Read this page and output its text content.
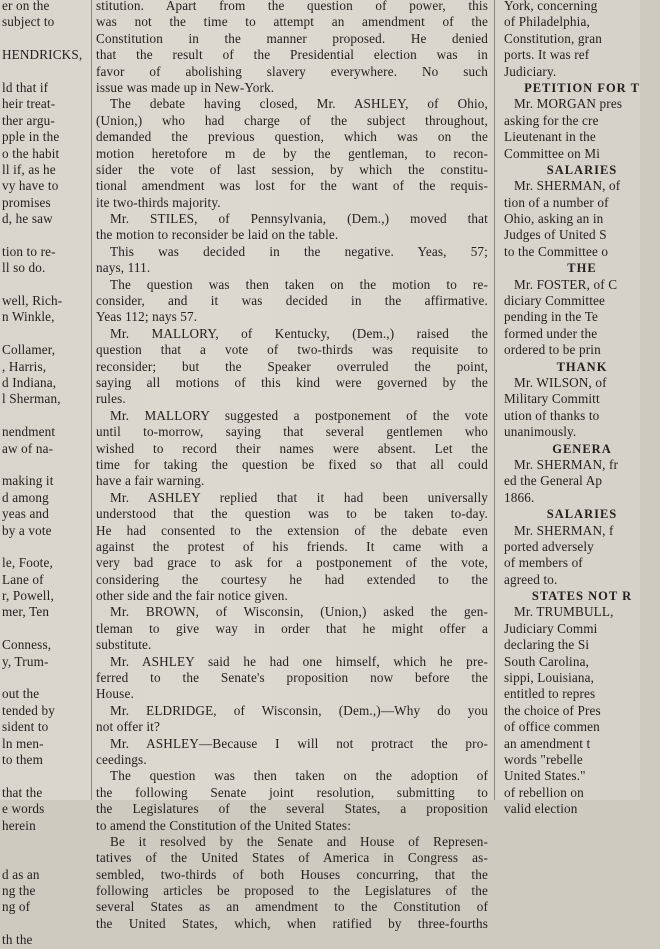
er on the
subject to
HENDRICKS,
ld that if
heir treat-
ther argu-
pple in the
o the habit
ll if, as he
vy have to
promises
d, he saw
tion to re-
ll so do.
well, Rich-
n Winkle,
Collamer,
, Harris,
d Indiana,
l Sherman,
nendment
aw of na-
making it
d among
yeas and
by a vote
le, Foote,
Lane of
r, Powell,
mer, Ten
Conness,
y, Trum-
out the
tended by
sident to
ln men-
to them
that the
e words
herein
d as an
ng the
ng of
th the
stitution. Apart from the question of power, this
was not the time to attempt an amendment of the
Constitution in the manner proposed. He denied
that the result of the Presidential election was in
favor of abolishing slavery everywhere. No such
issue was made up in New-York.
The debate having closed, Mr. ASHLEY, of Ohio,
(Union,) who had charge of the subject throughout,
demanded the previous question, which was on the
motion heretofore m de by the gentleman, to recon-
sider the vote of last session, by which the constitu-
tional amendment was lost for the want of the requis-
ite two-thirds majority.
Mr. STILES, of Pennsylvania, (Dem.,) moved that
the motion to reconsider be laid on the table.
This was decided in the negative. Yeas, 57;
nays, 111.
The question was then taken on the motion to re-
consider, and it was decided in the affirmative.
Yeas 112; nays 57.
Mr. MALLORY, of Kentucky, (Dem.,) raised the
question that a vote of two-thirds was requisite to
reconsider; but the Speaker overruled the point,
saying all motions of this kind were governed by the
rules.
Mr. MALLORY suggested a postponement of the vote
until to-morrow, saying that several gentlemen who
wished to record their names were absent. Let the
time for taking the question be fixed so that all could
have a fair warning.
Mr. ASHLEY replied that it had been universally
understood that the question was to be taken to-day.
He had consented to the extension of the debate even
against the protest of his friends. It came with a
very bad grace to ask for a postponement of the vote,
considering the courtesy he had extended to the
other side and the fair notice given.
Mr. BROWN, of Wisconsin, (Union,) asked the gen-
tleman to give way in order that he might offer a
substitute.
Mr. ASHLEY said he had one himself, which he pre-
ferred to the Senate's proposition now before the
House.
Mr. ELDRIDGE, of Wisconsin, (Dem.,)—Why do you
not offer it?
Mr. ASHLEY—Because I will not protract the pro-
ceedings.
The question was then taken on the adoption of
the following Senate joint resolution, submitting to
the Legislatures of the several States, a proposition
to amend the Constitution of the United States:
Be it resolved by the Senate and House of Represen-
tatives of the United States of America in Congress as-
sembled, two-thirds of both Houses concurring, that the
following articles be proposed to the Legislatures of the
several States as an amendment to the Constitution of
the United States, which, when ratified by three-fourths
York, concerning
of Philadelphia,
Constitution, gran
ports. It was ref
Judiciary.
PETITION FOR T
Mr. MORGAN pres
asking for the cre
Lieutenant in the
Committee on Mi
SALARIES
Mr. SHERMAN, of
tion of a number of
Ohio, asking an in
Judges of United S
to the Committee o
THE
Mr. FOSTER, of C
diciary Committee
pending in the Te
formed under the
ordered to be prin
THANK
Mr. WILSON, of
Military Committ
ution of thanks to
unanimously.
GENERA
Mr. SHERMAN, fr
ed the General Ap
1866.
SALARIES
Mr. SHERMAN, f
ported adversely
of members of
agreed to.
STATES NOT R
Mr. TRUMBULL,
Judiciary Commi
declaring the Si
South Carolina,
sippi, Louisiana,
entitled to repres
the choice of Pres
of office commen
an amendment t
words "rebelle
United States."
of rebellion on
valid election
